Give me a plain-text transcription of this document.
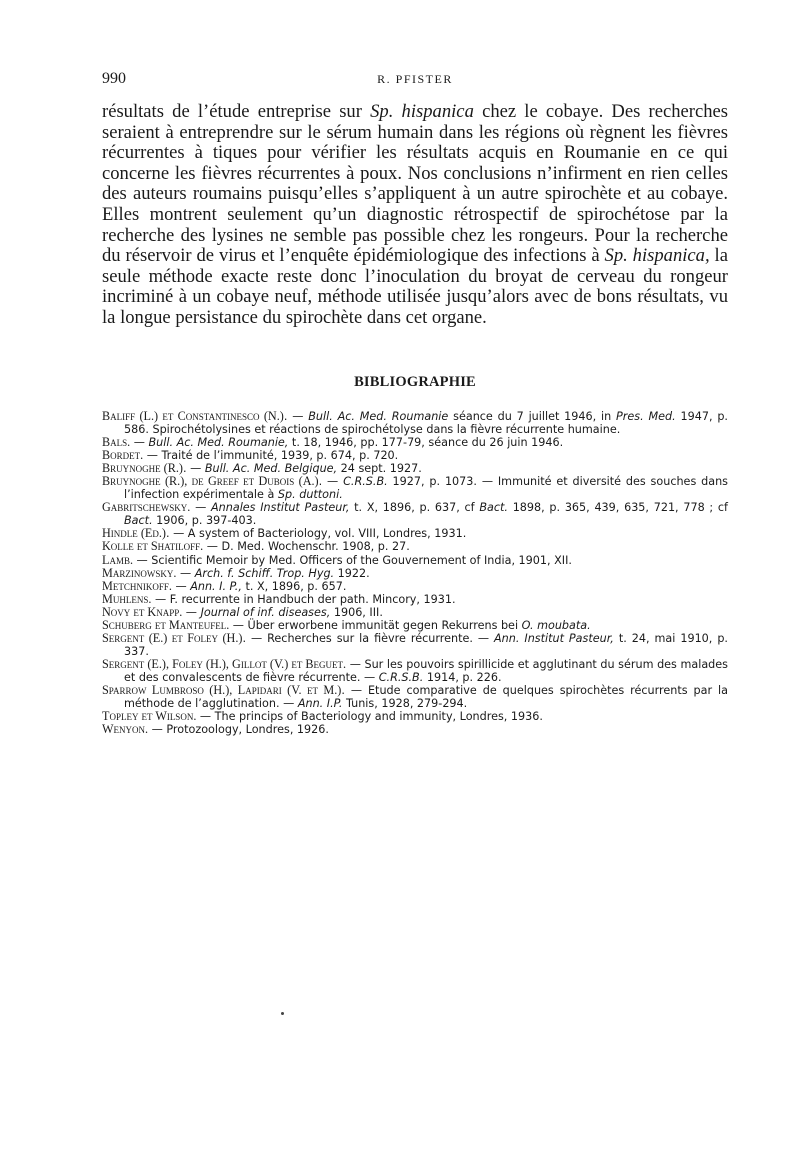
990	R. PFISTER

résultats de l’étude entreprise sur Sp. hispanica chez le cobaye. Des recherches seraient à entreprendre sur le sérum humain dans les régions où règnent les fièvres récurrentes à tiques pour vérifier les résultats acquis en Roumanie en ce qui concerne les fièvres récurrentes à poux. Nos conclusions n’infirment en rien celles des auteurs roumains puisqu’elles s’appliquent à un autre spirochète et au cobaye. Elles montrent seulement qu’un diagnostic rétrospectif de spirochétose par la recherche des lysines ne semble pas possible chez les rongeurs. Pour la recherche du réservoir de virus et l’enquête épidémiologique des infections à Sp. hispanica, la seule méthode exacte reste donc l’inoculation du broyat de cerveau du rongeur incriminé à un cobaye neuf, méthode utilisée jusqu’alors avec de bons résultats, vu la longue persistance du spirochète dans cet organe.

BIBLIOGRAPHIE
Baliff (L.) et Constantinesco (N.). — Bull. Ac. Med. Roumanie séance du 7 juillet 1946, in Pres. Med. 1947, p. 586. Spirochétolysines et réactions de spirochétolyse dans la fièvre récurrente humaine.
Bals. — Bull. Ac. Med. Roumanie, t. 18, 1946, pp. 177-79, séance du 26 juin 1946.
Bordet. — Traité de l’immunité, 1939, p. 674, p. 720.
Bruynoghe (R.). — Bull. Ac. Med. Belgique, 24 sept. 1927.
Bruynoghe (R.), de Greef et Dubois (A.). — C.R.S.B. 1927, p. 1073. — Immunité et diversité des souches dans l’infection expérimentale à Sp. duttoni.
Gabritschewsky. — Annales Institut Pasteur, t. X, 1896, p. 637, cf Bact. 1898, p. 365, 439, 635, 721, 778 ; cf Bact. 1906, p. 397-403.
Hindle (Ed.). — A system of Bacteriology, vol. VIII, Londres, 1931.
Kolle et Shatiloff. — D. Med. Wochenschr. 1908, p. 27.
Lamb. — Scientific Memoir by Med. Officers of the Gouvernement of India, 1901, XII.
Marzinowsky. — Arch. f. Schiff. Trop. Hyg. 1922.
Metchnikoff. — Ann. I. P., t. X, 1896, p. 657.
Muhlens. — F. recurrente in Handbuch der path. Mincory, 1931.
Novy et Knapp. — Journal of inf. diseases, 1906, III.
Schuberg et Manteufel. — Über erworbene immunität gegen Rekurrens bei O. moubata.
Sergent (E.) et Foley (H.). — Recherches sur la fièvre récurrente. — Ann. Institut Pasteur, t. 24, mai 1910, p. 337.
Sergent (E.), Foley (H.), Gillot (V.) et Beguet. — Sur les pouvoirs spirillicide et agglutinant du sérum des malades et des convalescents de fièvre récurrente. — C.R.S.B. 1914, p. 226.
Sparrow Lumbroso (H.), Lapidari (V. et M.). — Etude comparative de quelques spirochètes récurrents par la méthode de l’agglutination. — Ann. I.P. Tunis, 1928, 279-294.
Topley et Wilson. — The princips of Bacteriology and immunity, Londres, 1936.
Wenyon. — Protozoology, Londres, 1926.
